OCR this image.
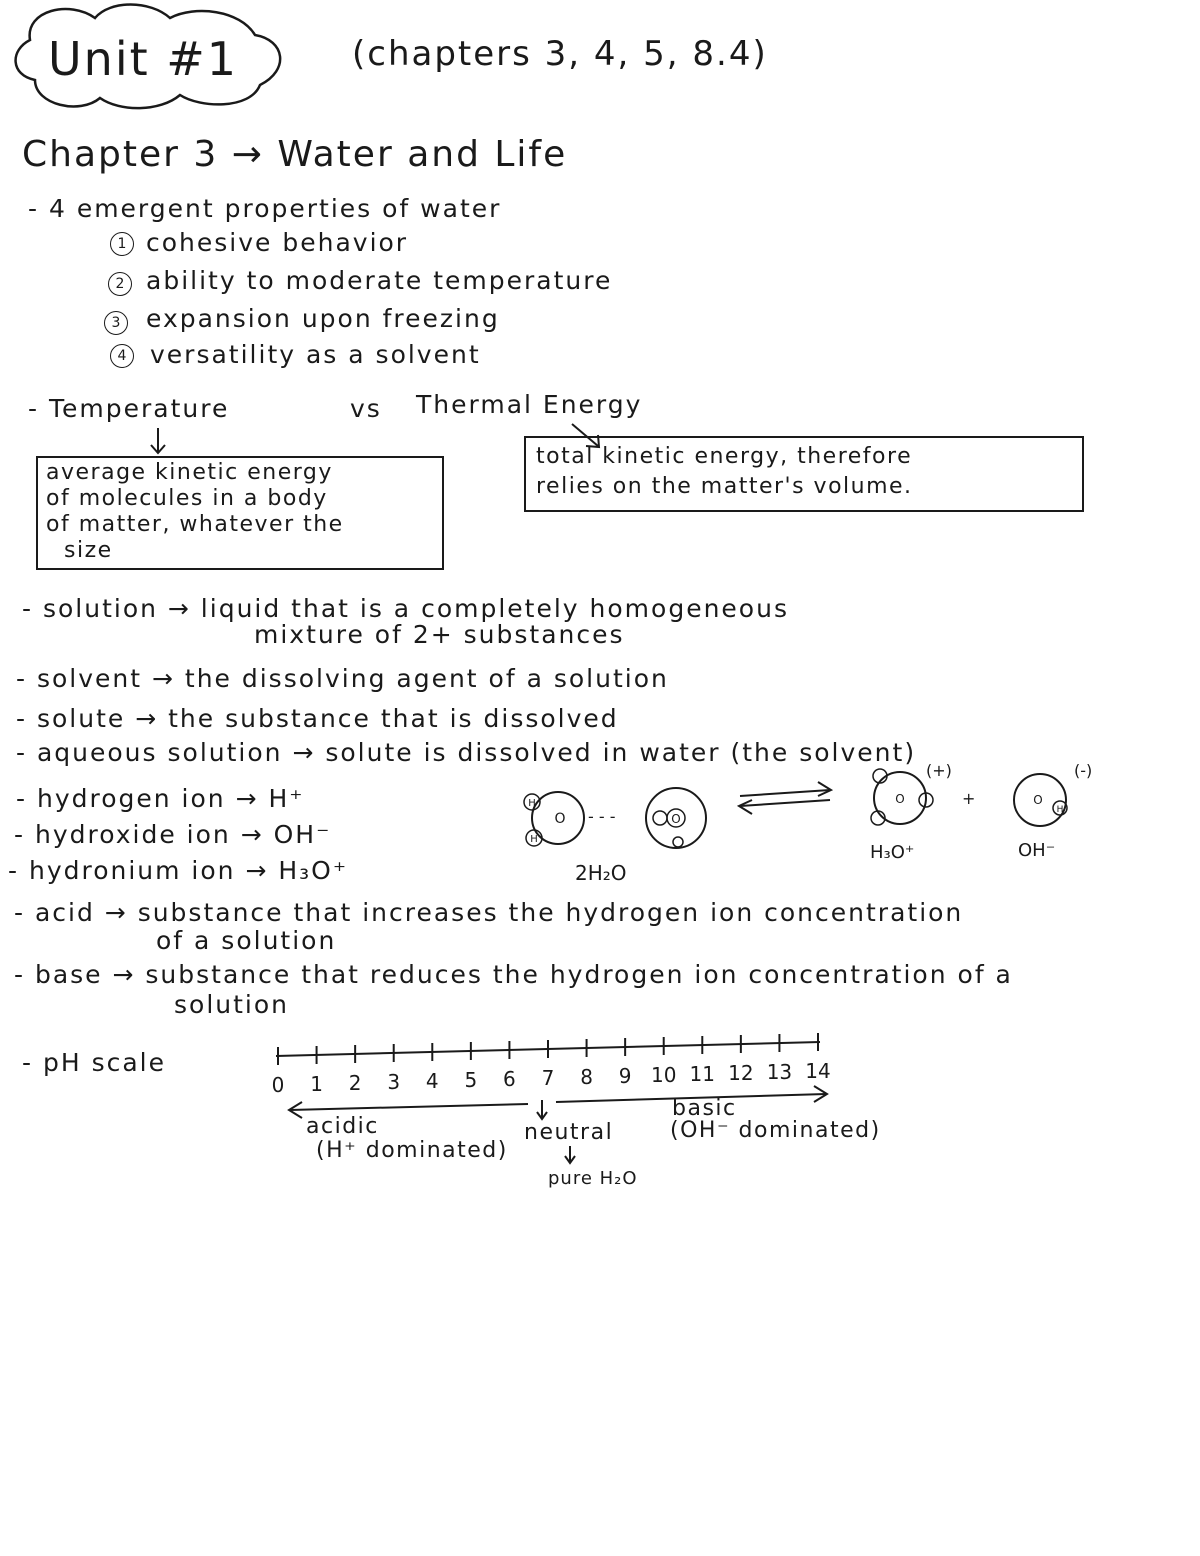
Unit #1	(chapters 3, 4, 5, 8.4)
Chapter 3 → Water and Life
- 4 emergent properties of water
1 cohesive behavior
2 ability to moderate temperature
3	expansion upon freezing
4 versatility as a solvent
- Temperature	vs Thermal Energy
average kinetic energy
of molecules in a body
of matter, whatever the
size
total kinetic energy, therefore
relies on the matter's volume.
- solution → liquid that is a completely homogeneous
mixture of 2+ substances
- solvent → the dissolving agent of a solution
- solute → the substance that is dissolved
- aqueous solution → solute is dissolved in water (the solvent)
- hydrogen ion → H⁺
- hydroxide ion → OH⁻
- hydronium ion → H₃O⁺
- acid → substance that increases the hydrogen ion concentration
of a solution
- base → substance that reduces the hydrogen ion concentration of a
solution
H
H
O - - -	O
2H₂O
O
(+)
+
H₃O⁺
O
H
(-)
OH⁻
- pH scale
0 1 2 3 4 5 6 7 8 9 10 11 12 13 14
acidic
(H⁺ dominated)
neutral
pure H₂O
basic
(OH⁻ dominated)
